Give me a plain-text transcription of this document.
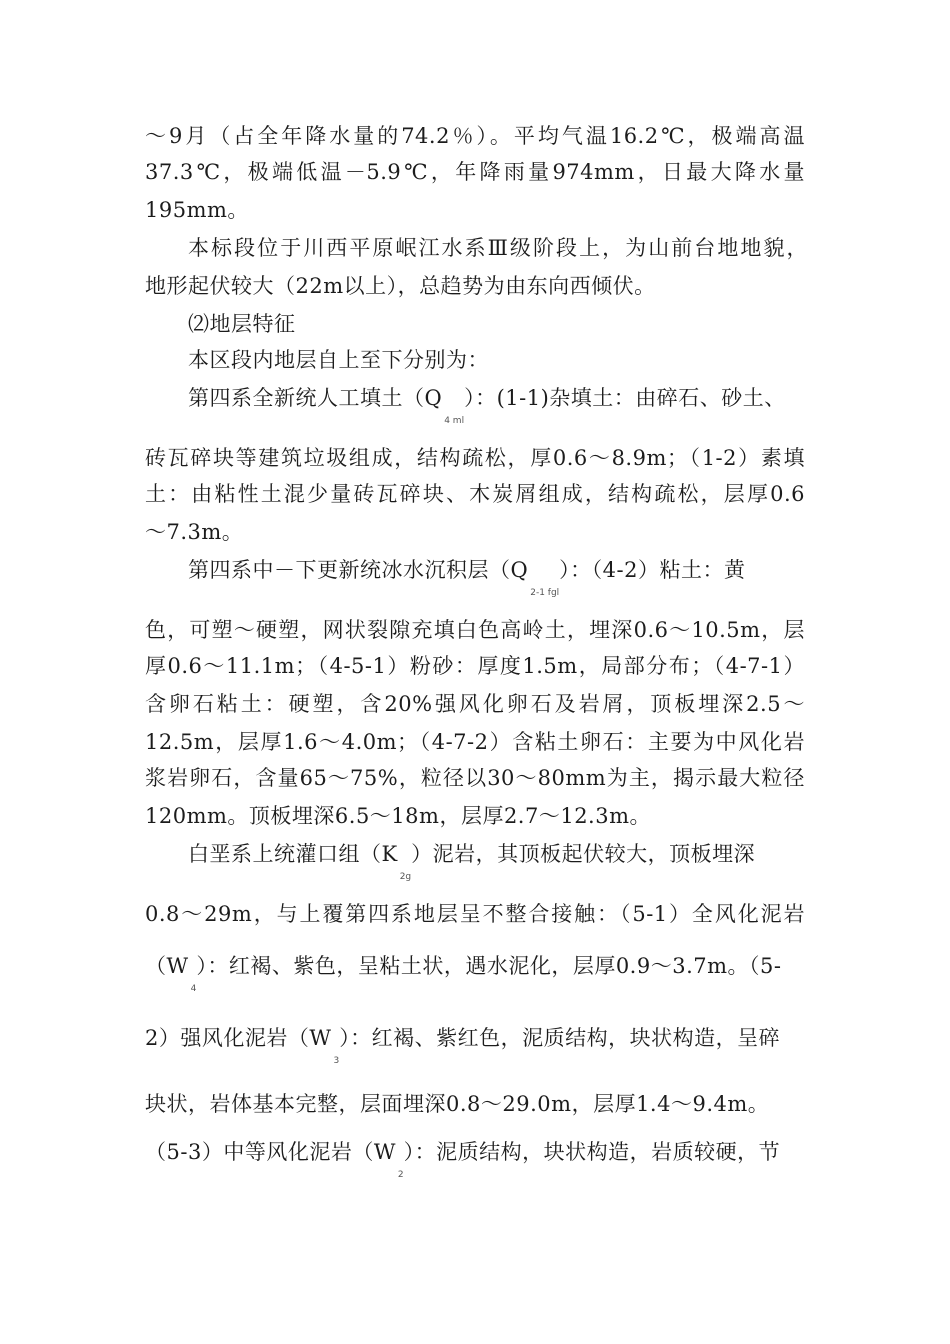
～9月（占全年降水量的74.2％）。平均气温16.2℃，极端高温
37.3℃，极端低温－5.9℃，年降雨量974mm，日最大降水量
195mm。
本标段位于川西平原岷江水系Ⅲ级阶段上，为山前台地地貌，
地形起伏较大（22m以上），总趋势为由东向西倾伏。
⑵地层特征
本区段内地层自上至下分别为：
第四系全新统人工填土$(Q_{4 ml})$：(1-1)杂填土：由碎石、砂土、
砖瓦碎块等建筑垃圾组成，结构疏松，厚0.6～8.9m；（1-2）素填
土：由粘性土混少量砖瓦碎块、木炭屑组成，结构疏松，层厚0.6
～7.3m。
第四系中－下更新统冰水沉积层$(Q_{2-1 fgl})$：（4-2）粘土：黄
色，可塑～硬塑，网状裂隙充填白色高岭土，埋深0.6～10.5m，层
厚0.6～11.1m；（4-5-1）粉砂：厚度1.5m，局部分布；（4-7-1）
含卵石粘土：硬塑，含20%强风化卵石及岩屑，顶板埋深2.5～
12.5m，层厚1.6～4.0m；（4-7-2）含粘土卵石：主要为中风化岩
浆岩卵石，含量65～75%，粒径以30～80mm为主，揭示最大粒径
120mm。顶板埋深6.5～18m，层厚2.7～12.3m。
白垩系上统灌口组$(K_{2g})$泥岩，其顶板起伏较大，顶板埋深
0.8～29m，与上覆第四系地层呈不整合接触：（5-1）全风化泥岩
$(W_4)$：红褐、紫色，呈粘土状，遇水泥化，层厚0.9～3.7m。（5-
2）强风化泥岩$(W_3)$：红褐、紫红色，泥质结构，块状构造，呈碎
块状，岩体基本完整，层面埋深0.8～29.0m，层厚1.4～9.4m。
（5-3）中等风化泥岩$(W_2)$：泥质结构，块状构造，岩质较硬，节
